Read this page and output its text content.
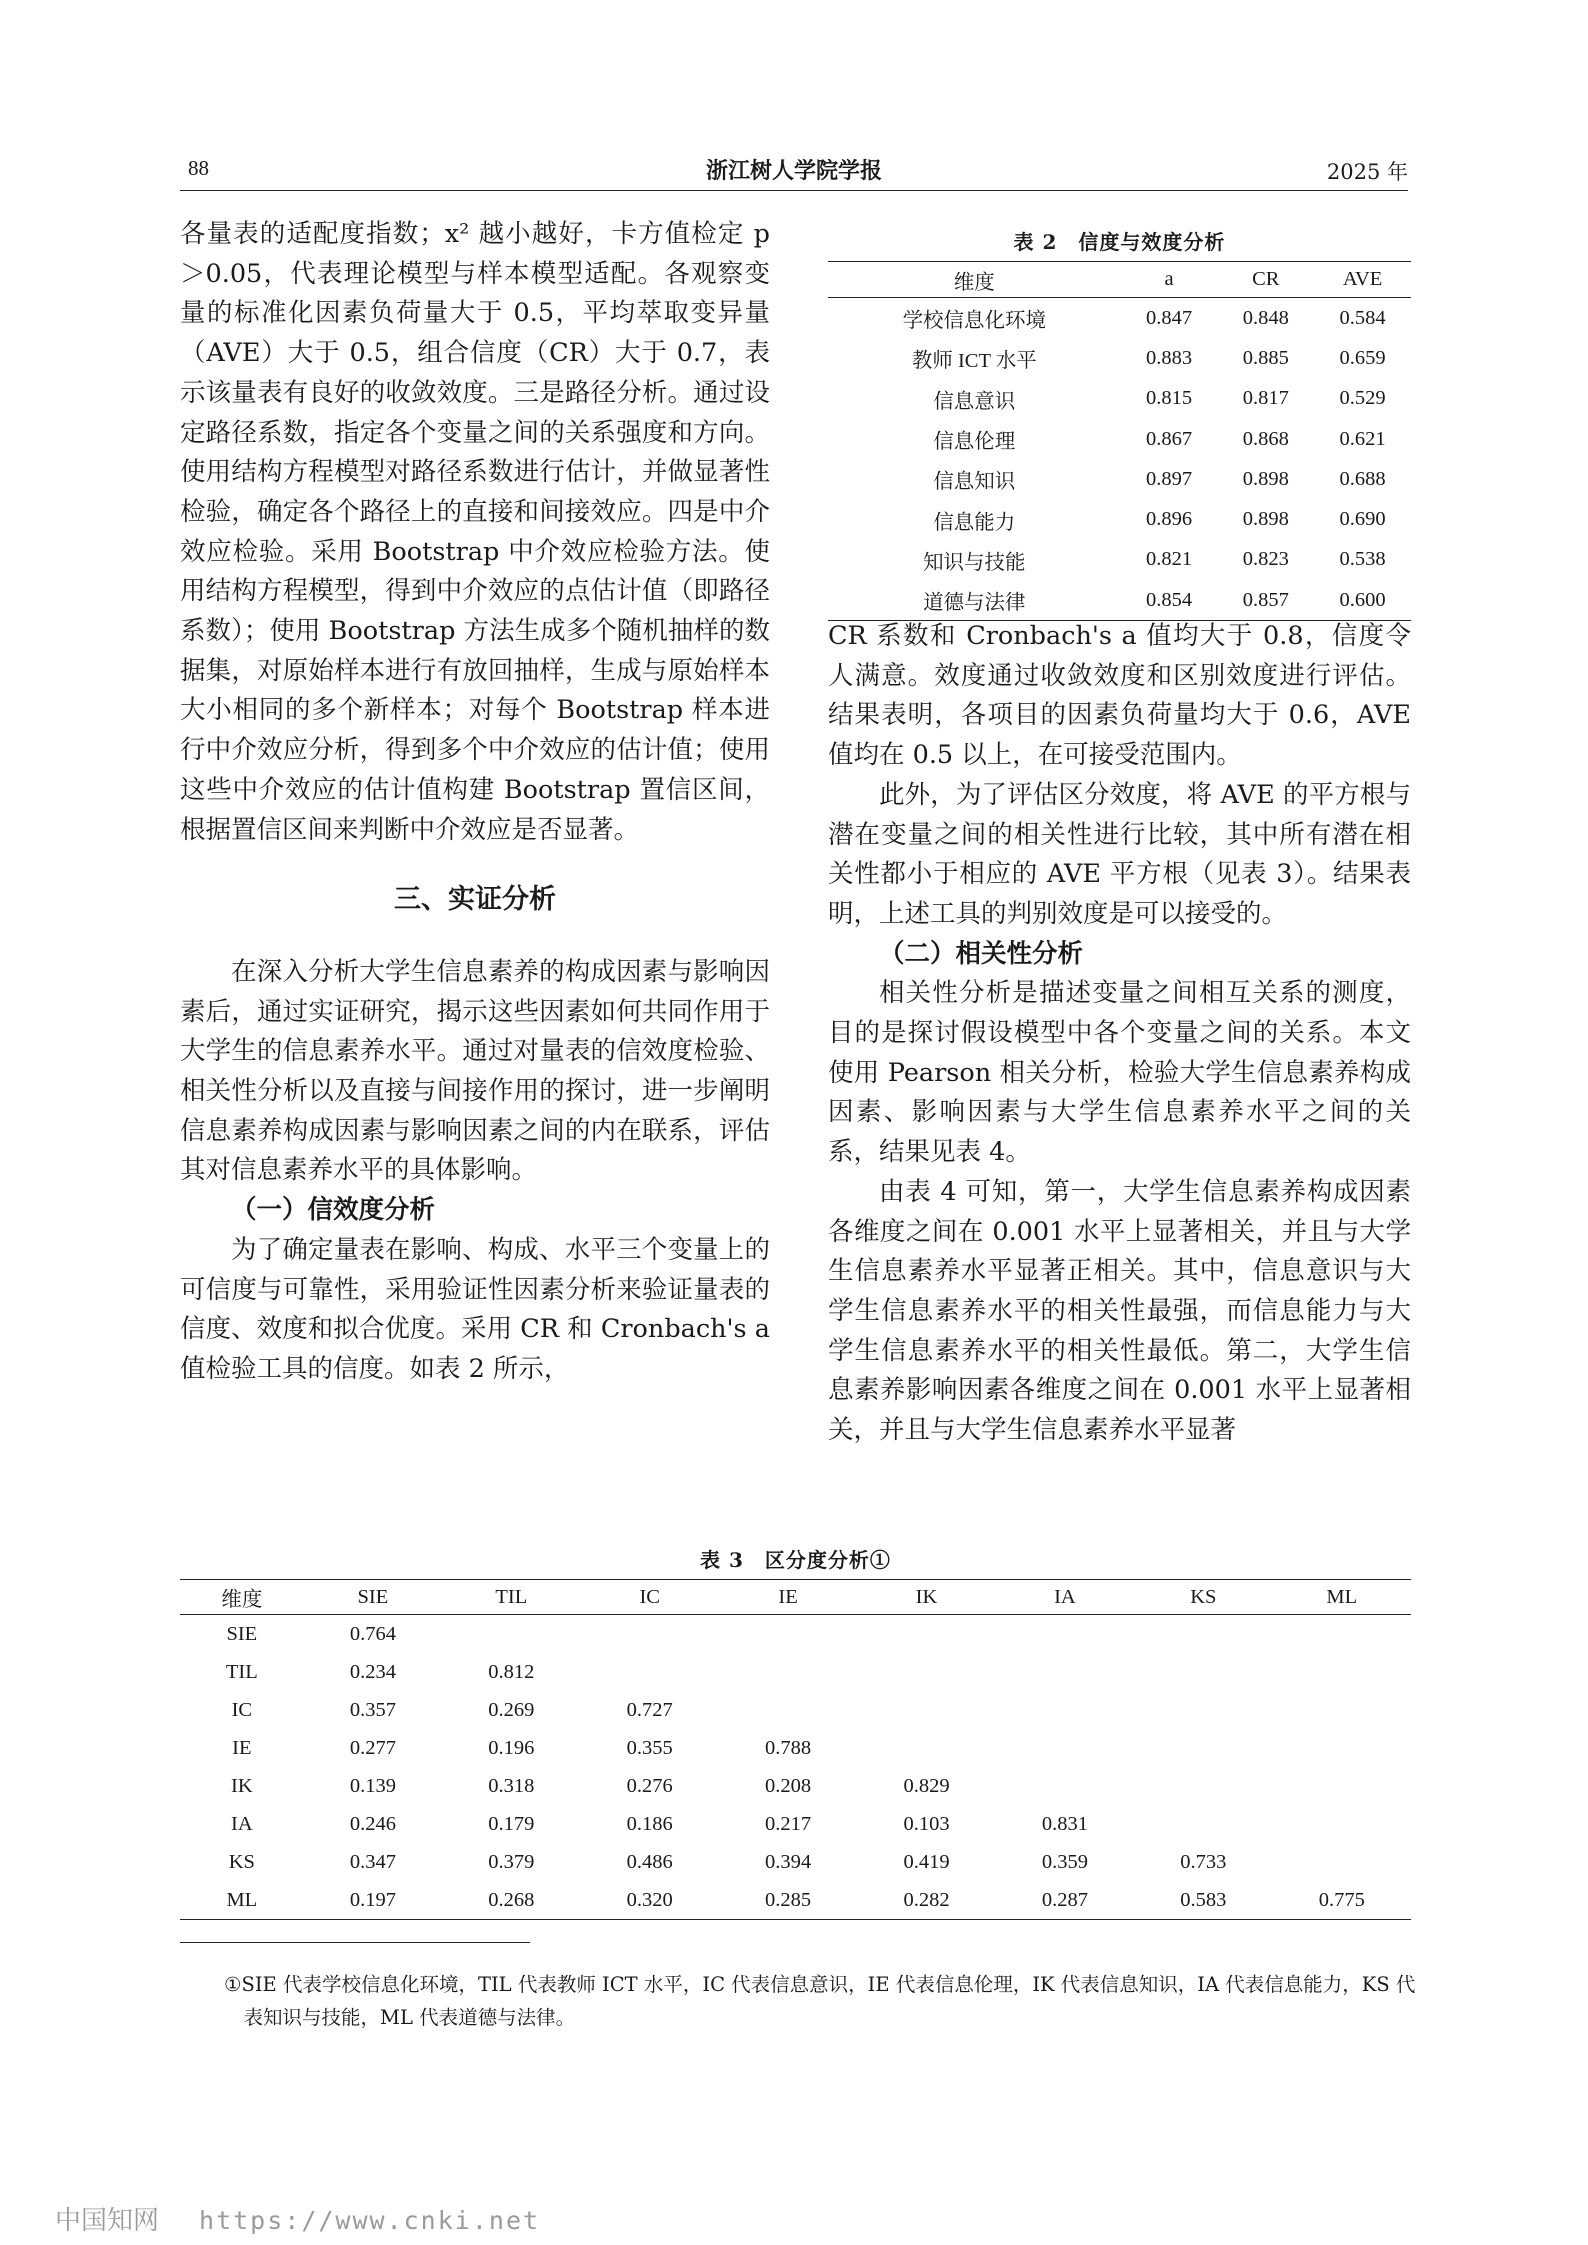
88	浙江树人学院学报	2025 年

各量表的适配度指数；x² 越小越好，卡方值检定 p＞0.05，代表理论模型与样本模型适配。各观察变量的标准化因素负荷量大于 0.5，平均萃取变异量（AVE）大于 0.5，组合信度（CR）大于 0.7，表示该量表有良好的收敛效度。三是路径分析。通过设定路径系数，指定各个变量之间的关系强度和方向。使用结构方程模型对路径系数进行估计，并做显著性检验，确定各个路径上的直接和间接效应。四是中介效应检验。采用 Bootstrap 中介效应检验方法。使用结构方程模型，得到中介效应的点估计值（即路径系数）；使用 Bootstrap 方法生成多个随机抽样的数据集，对原始样本进行有放回抽样，生成与原始样本大小相同的多个新样本；对每个 Bootstrap 样本进行中介效应分析，得到多个中介效应的估计值；使用这些中介效应的估计值构建 Bootstrap 置信区间，根据置信区间来判断中介效应是否显著。

三、实证分析

在深入分析大学生信息素养的构成因素与影响因素后，通过实证研究，揭示这些因素如何共同作用于大学生的信息素养水平。通过对量表的信效度检验、相关性分析以及直接与间接作用的探讨，进一步阐明信息素养构成因素与影响因素之间的内在联系，评估其对信息素养水平的具体影响。

（一）信效度分析

为了确定量表在影响、构成、水平三个变量上的可信度与可靠性，采用验证性因素分析来验证量表的信度、效度和拟合优度。采用 CR 和 Cronbach's a 值检验工具的信度。如表 2 所示，

表 2　信度与效度分析
维度	a	CR	AVE
学校信息化环境	0.847	0.848	0.584
教师 ICT 水平	0.883	0.885	0.659
信息意识	0.815	0.817	0.529
信息伦理	0.867	0.868	0.621
信息知识	0.897	0.898	0.688
信息能力	0.896	0.898	0.690
知识与技能	0.821	0.823	0.538
道德与法律	0.854	0.857	0.600

CR 系数和 Cronbach's a 值均大于 0.8，信度令人满意。效度通过收敛效度和区别效度进行评估。结果表明，各项目的因素负荷量均大于 0.6，AVE 值均在 0.5 以上，在可接受范围内。

此外，为了评估区分效度，将 AVE 的平方根与潜在变量之间的相关性进行比较，其中所有潜在相关性都小于相应的 AVE 平方根（见表 3）。结果表明，上述工具的判别效度是可以接受的。

（二）相关性分析

相关性分析是描述变量之间相互关系的测度，目的是探讨假设模型中各个变量之间的关系。本文使用 Pearson 相关分析，检验大学生信息素养构成因素、影响因素与大学生信息素养水平之间的关系，结果见表 4。

由表 4 可知，第一，大学生信息素养构成因素各维度之间在 0.001 水平上显著相关，并且与大学生信息素养水平显著正相关。其中，信息意识与大学生信息素养水平的相关性最强，而信息能力与大学生信息素养水平的相关性最低。第二，大学生信息素养影响因素各维度之间在 0.001 水平上显著相关，并且与大学生信息素养水平显著

表 3　区分度分析①
维度	SIE	TIL	IC	IE	IK	IA	KS	ML
SIE	0.764							
TIL	0.234	0.812						
IC	0.357	0.269	0.727					
IE	0.277	0.196	0.355	0.788				
IK	0.139	0.318	0.276	0.208	0.829			
IA	0.246	0.179	0.186	0.217	0.103	0.831		
KS	0.347	0.379	0.486	0.394	0.419	0.359	0.733	
ML	0.197	0.268	0.320	0.285	0.282	0.287	0.583	0.775
①SIE 代表学校信息化环境，TIL 代表教师 ICT 水平，IC 代表信息意识，IE 代表信息伦理，IK 代表信息知识，IA 代表信息能力，KS 代表知识与技能，ML 代表道德与法律。
中国知网 https://www.cnki.net
